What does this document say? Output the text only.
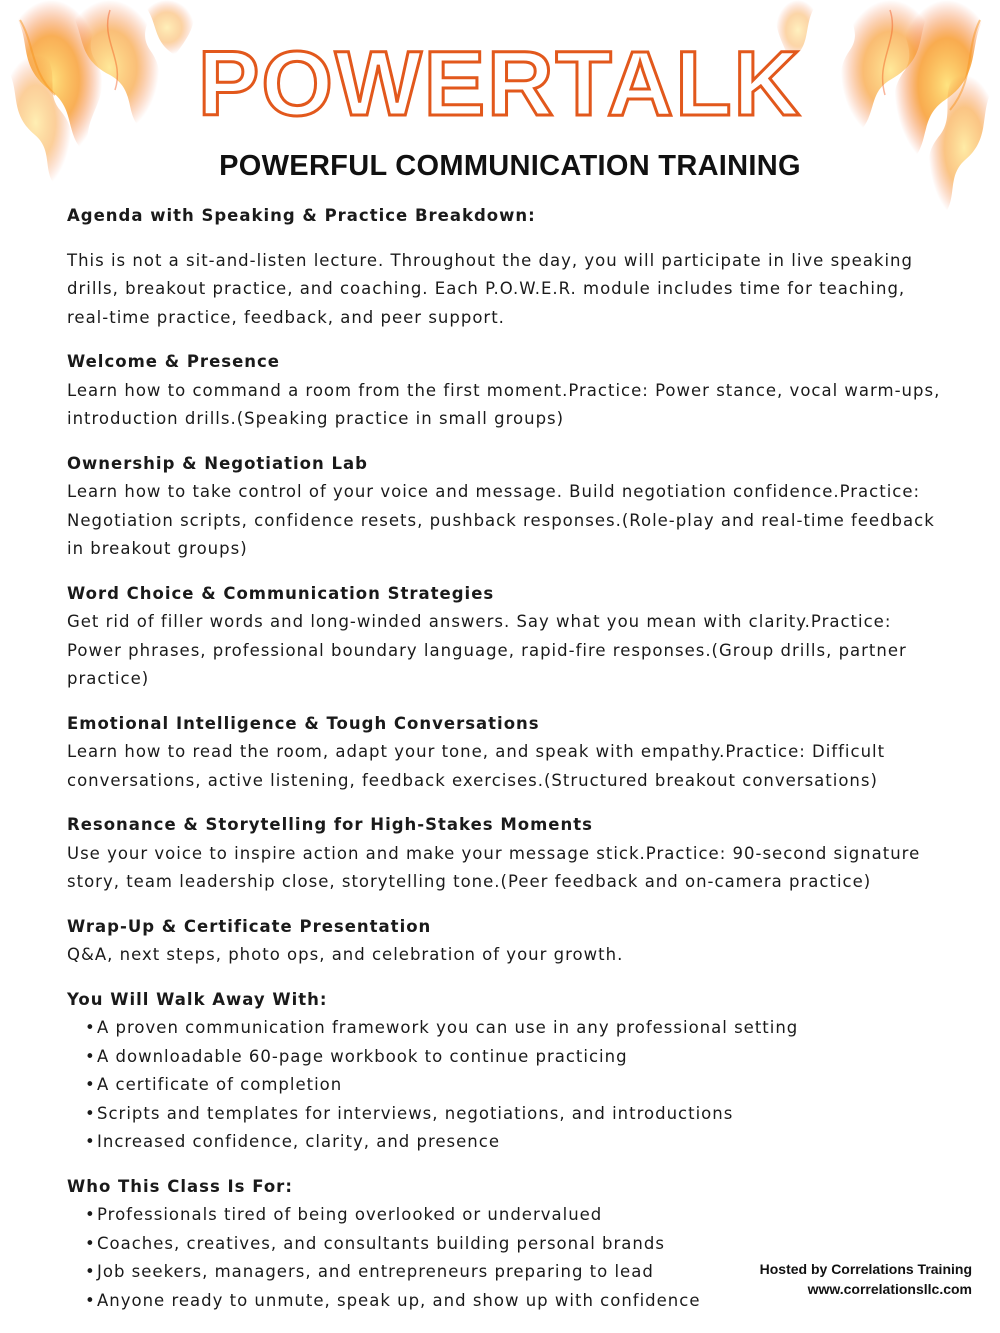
POWERTALK
POWERFUL COMMUNICATION TRAINING

Agenda with Speaking & Practice Breakdown:

This is not a sit-and-listen lecture. Throughout the day, you will participate in live speaking drills, breakout practice, and coaching. Each P.O.W.E.R. module includes time for teaching, real-time practice, feedback, and peer support.

Welcome & Presence

Learn how to command a room from the first moment.Practice: Power stance, vocal warm-ups, introduction drills.(Speaking practice in small groups)

Ownership & Negotiation Lab

Learn how to take control of your voice and message. Build negotiation confidence.Practice: Negotiation scripts, confidence resets, pushback responses.(Role-play and real-time feedback in breakout groups)

Word Choice & Communication Strategies

Get rid of filler words and long-winded answers. Say what you mean with clarity.Practice: Power phrases, professional boundary language, rapid-fire responses.(Group drills, partner practice)

Emotional Intelligence & Tough Conversations

Learn how to read the room, adapt your tone, and speak with empathy.Practice: Difficult conversations, active listening, feedback exercises.(Structured breakout conversations)

Resonance & Storytelling for High-Stakes Moments

Use your voice to inspire action and make your message stick.Practice: 90-second signature story, team leadership close, storytelling tone.(Peer feedback and on-camera practice)

Wrap-Up & Certificate Presentation

Q&A, next steps, photo ops, and celebration of your growth.

You Will Walk Away With:

• A proven communication framework you can use in any professional setting
• A downloadable 60-page workbook to continue practicing
• A certificate of completion
• Scripts and templates for interviews, negotiations, and introductions
• Increased confidence, clarity, and presence

Who This Class Is For:

• Professionals tired of being overlooked or undervalued
• Coaches, creatives, and consultants building personal brands
• Job seekers, managers, and entrepreneurs preparing to lead
• Anyone ready to unmute, speak up, and show up with confidence
Hosted by Correlations Training
www.correlationsllc.com
